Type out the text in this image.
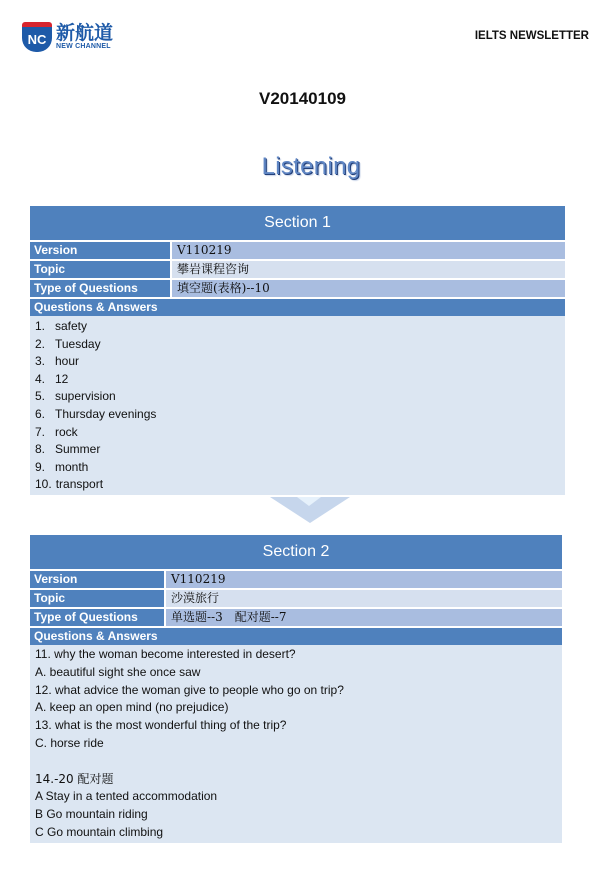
NC 新航道
NEW CHANNEL
IELTS NEWSLETTER
V20140109
Listening
Section 1
Version	V110219
Topic	攀岩课程咨询
Type of Questions	填空题(表格)--10
Questions & Answers
1. safety
2. Tuesday
3. hour
4. 12
5. supervision
6. Thursday evenings
7. rock
8. Summer
9. month
10. transport
Section 2
Version	V110219
Topic	沙漠旅行
Type of Questions	单选题--3　配对题--7
Questions & Answers
11. why the woman become interested in desert?
A. beautiful sight she once saw
12. what advice the woman give to people who go on trip?
A. keep an open mind (no prejudice)
13. what is the most wonderful thing of the trip?
C. horse ride
14.-20 配对题
A Stay in a tented accommodation
B Go mountain riding
C Go mountain climbing
